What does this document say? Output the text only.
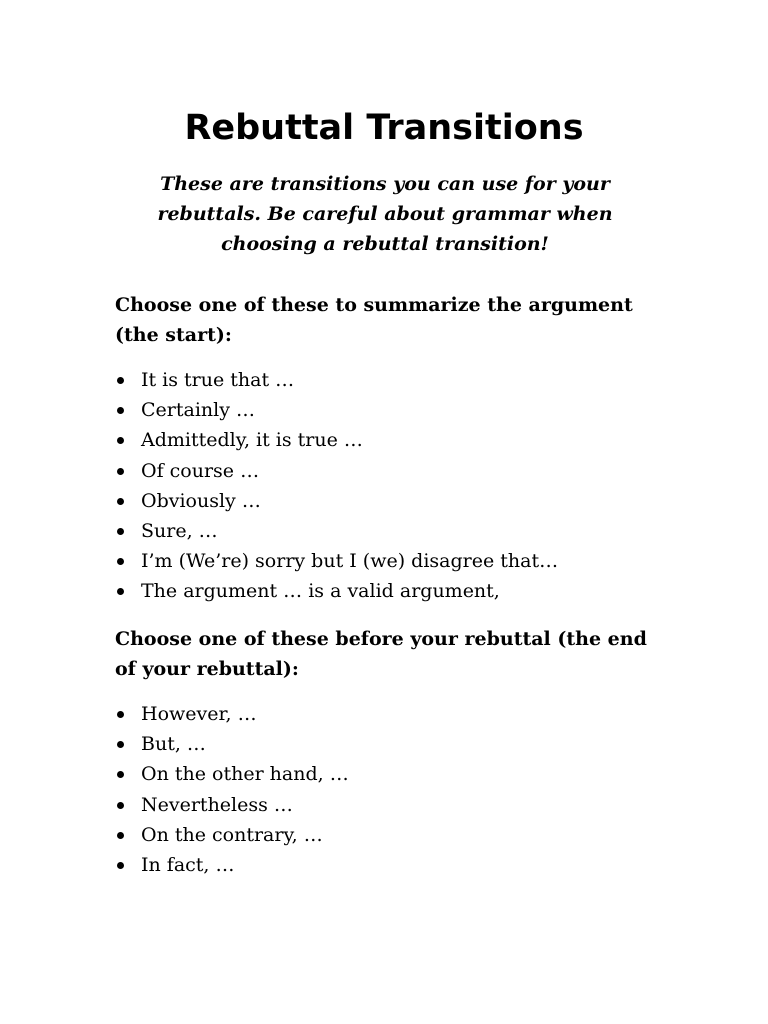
Rebuttal Transitions

These are transitions you can use for your rebuttals. Be careful about grammar when choosing a rebuttal transition!

Choose one of these to summarize the argument (the start):
It is true that …
Certainly …
Admittedly, it is true …
Of course …
Obviously …
Sure, …
I’m (We’re) sorry but I (we) disagree that…
The argument … is a valid argument,
Choose one of these before your rebuttal (the end of your rebuttal):
However, …
But, …
On the other hand, …
Nevertheless …
On the contrary, …
In fact, …
